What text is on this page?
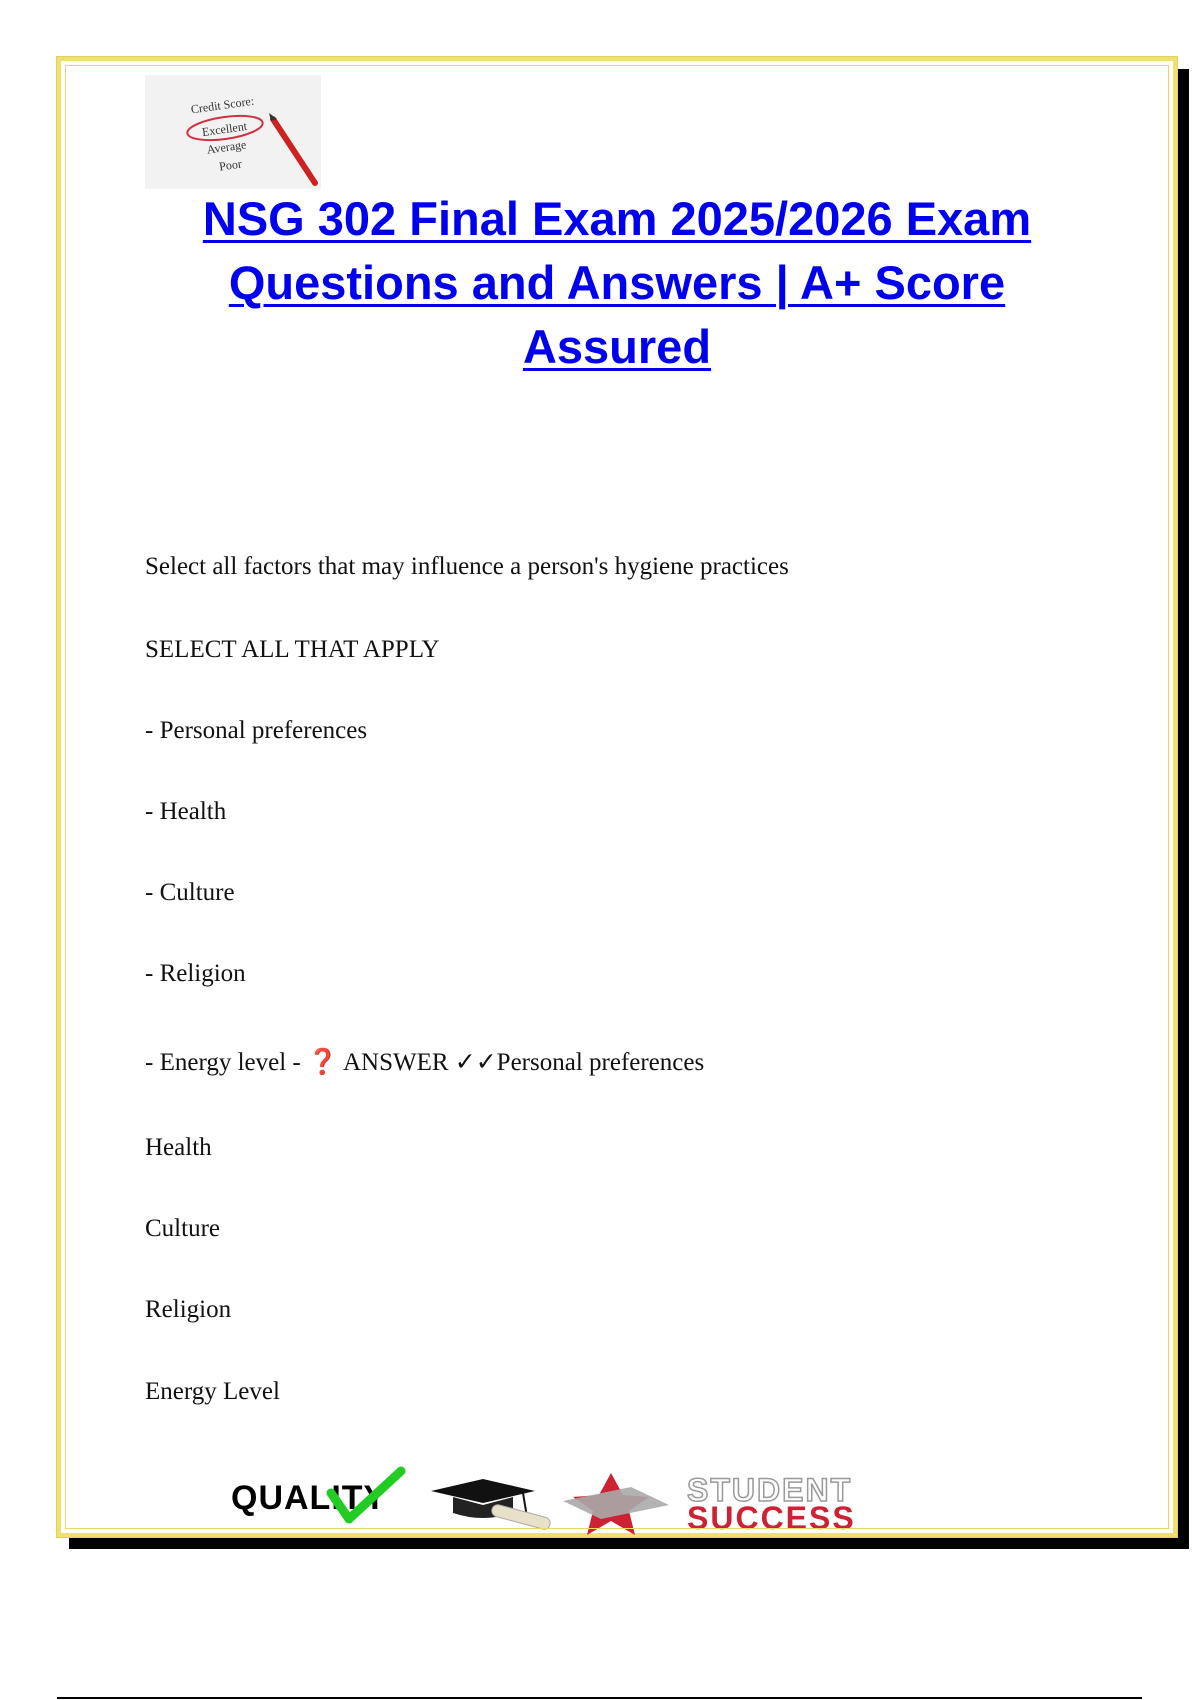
Credit Score:
Excellent
Average
Poor
NSG 302 Final Exam 2025/2026 Exam Questions and Answers | A+ Score Assured
Select all factors that may influence a person's hygiene practices
SELECT ALL THAT APPLY
- Personal preferences
- Health
- Culture
- Religion
- Energy level - ❓ ANSWER ✓✓Personal preferences
Health
Culture
Religion
Energy Level
QUALITY	STUDENT
SUCCESS
